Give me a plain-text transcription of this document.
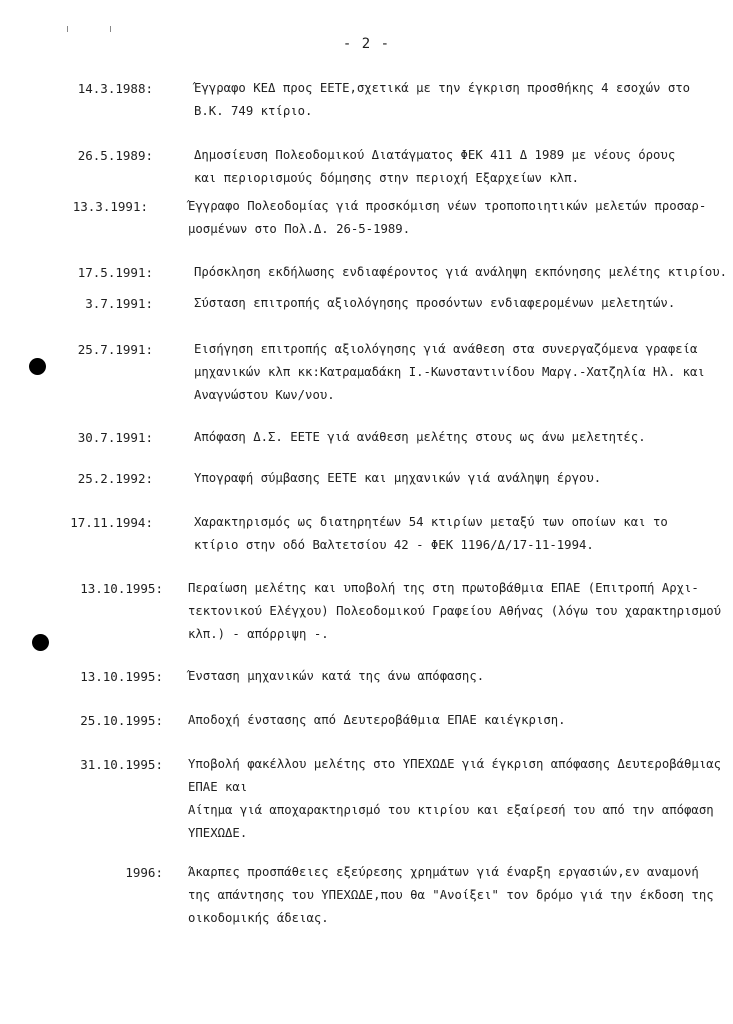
- 2 -
14.3.1988:	Έγγραφο ΚΕΔ προς ΕΕΤΕ,σχετικά με την έγκριση προσθήκης 4 εσοχών στο
Β.Κ. 749 κτίριο.
26.5.1989:	Δημοσίευση Πολεοδομικού Διατάγματος ΦΕΚ 411 Δ 1989 με νέους όρους
και περιορισμούς δόμησης στην περιοχή Εξαρχείων κλπ.
13.3.1991:	Έγγραφο Πολεοδομίας γιά προσκόμιση νέων τροποποιητικών μελετών προσαρ-
μοσμένων στο Πολ.Δ. 26-5-1989.
17.5.1991:	Πρόσκληση εκδήλωσης ενδιαφέροντος γιά ανάληψη εκπόνησης μελέτης κτιρίου.
3.7.1991:	Σύσταση επιτροπής αξιολόγησης προσόντων ενδιαφερομένων μελετητών.
25.7.1991:	Εισήγηση επιτροπής αξιολόγησης γιά ανάθεση στα συνεργαζόμενα γραφεία
μηχανικών κλπ κκ:Κατραμαδάκη Ι.-Κωνσταντινίδου Μαργ.-Χατζηλία Ηλ. και
Αναγνώστου Κων/νου.
30.7.1991:	Απόφαση Δ.Σ. ΕΕΤΕ γιά ανάθεση μελέτης στους ως άνω μελετητές.
25.2.1992:	Υπογραφή σύμβασης ΕΕΤΕ και μηχανικών γιά ανάληψη έργου.
17.11.1994:	Χαρακτηρισμός ως διατηρητέων 54 κτιρίων μεταξύ των οποίων και το
κτίριο στην οδό Βαλτετσίου 42 - ΦΕΚ 1196/Δ/17-11-1994.
13.10.1995: Περαίωση μελέτης και υποβολή της στη πρωτοβάθμια ΕΠΑΕ (Επιτροπή Αρχι-
τεκτονικού Ελέγχου) Πολεοδομικού Γραφείου Αθήνας (λόγω του χαρακτηρισμού
κλπ.) - απόρριψη -.
13.10.1995: Ένσταση μηχανικών κατά της άνω απόφασης.
25.10.1995: Αποδοχή ένστασης από Δευτεροβάθμια ΕΠΑΕ καιέγκριση.
31.10.1995: Υποβολή φακέλλου μελέτης στο ΥΠΕΧΩΔΕ γιά έγκριση απόφασης Δευτεροβάθμιας
ΕΠΑΕ και
Αίτημα γιά αποχαρακτηρισμό του κτιρίου και εξαίρεσή του από την απόφαση
ΥΠΕΧΩΔΕ.
1996: Άκαρπες προσπάθειες εξεύρεσης χρημάτων γιά έναρξη εργασιών,εν αναμονή
της απάντησης του ΥΠΕΧΩΔΕ,που θα "Ανοίξει" τον δρόμο γιά την έκδοση της
οικοδομικής άδειας.
